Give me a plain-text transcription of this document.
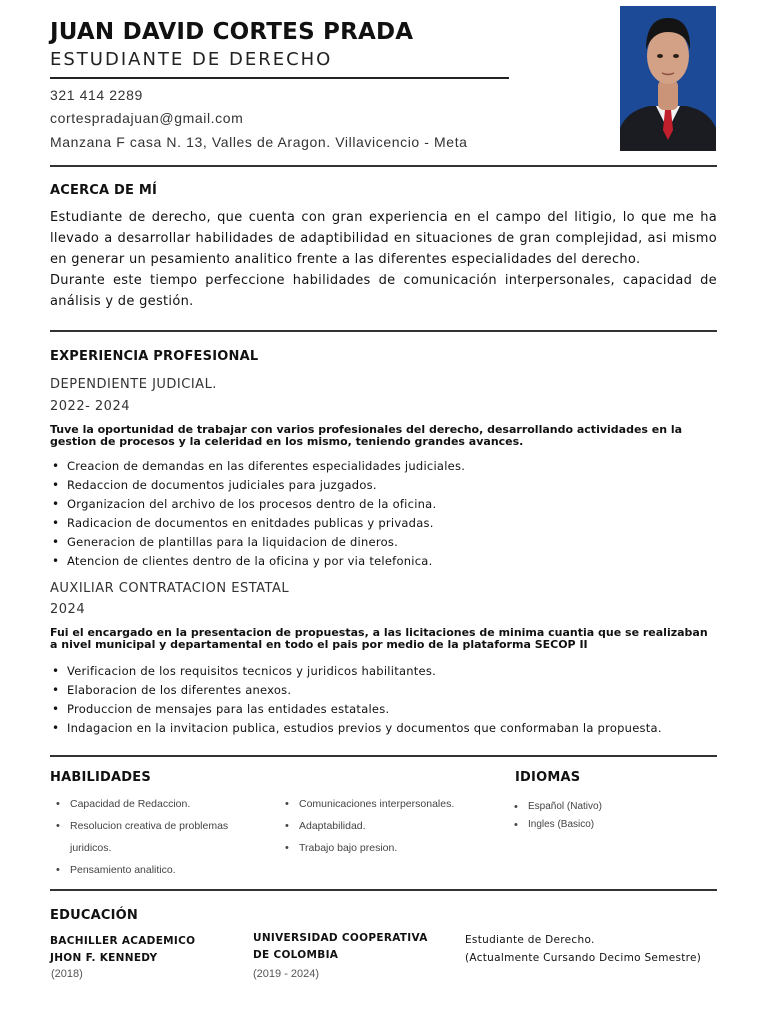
JUAN DAVID CORTES PRADA
ESTUDIANTE DE DERECHO
321 414 2289
cortespradajuan@gmail.com
Manzana F casa N. 13, Valles de Aragon. Villavicencio - Meta
ACERCA DE MÍ

Estudiante de derecho, que cuenta con gran experiencia en el campo del litigio, lo que me ha llevado a desarrollar habilidades de adaptibilidad en situaciones de gran complejidad, asi mismo en generar un pesamiento analitico frente a las diferentes especialidades del derecho.

Durante este tiempo perfeccione habilidades de comunicación interpersonales, capacidad de análisis y de gestión.

EXPERIENCIA PROFESIONAL
DEPENDIENTE JUDICIAL.
2022- 2024

Tuve la oportunidad de trabajar con varios profesionales del derecho, desarrollando actividades en la gestion de procesos y la celeridad en los mismo, teniendo grandes avances.

• Creacion de demandas en las diferentes especialidades judiciales.
• Redaccion de documentos judiciales para juzgados.
• Organizacion del archivo de los procesos dentro de la oficina.
• Radicacion de documentos en enitdades publicas y privadas.
• Generacion de plantillas para la liquidacion de dineros.
• Atencion de clientes dentro de la oficina y por via telefonica.
AUXILIAR CONTRATACION ESTATAL
2024

Fui el encargado en la presentacion de propuestas, a las licitaciones de minima cuantia que se realizaban a nivel municipal y departamental en todo el pais por medio de la plataforma SECOP II

• Verificacion de los requisitos tecnicos y juridicos habilitantes.
• Elaboracion de los diferentes anexos.
• Produccion de mensajes para las entidades estatales.
• Indagacion en la invitacion publica, estudios previos y documentos que conformaban la propuesta.
HABILIDADES
• Capacidad de Redaccion.
• Resolucion creativa de problemas juridicos.
• Pensamiento analitico.
• Comunicaciones interpersonales.
• Adaptabilidad.
• Trabajo bajo presion.
IDIOMAS
• Español (Nativo)
• Ingles (Basico)
EDUCACIÓN
BACHILLER ACADEMICO JHON F. KENNEDY
(2018)
UNIVERSIDAD COOPERATIVA DE COLOMBIA
(2019 - 2024)
Estudiante de Derecho.
(Actualmente Cursando Decimo Semestre)
